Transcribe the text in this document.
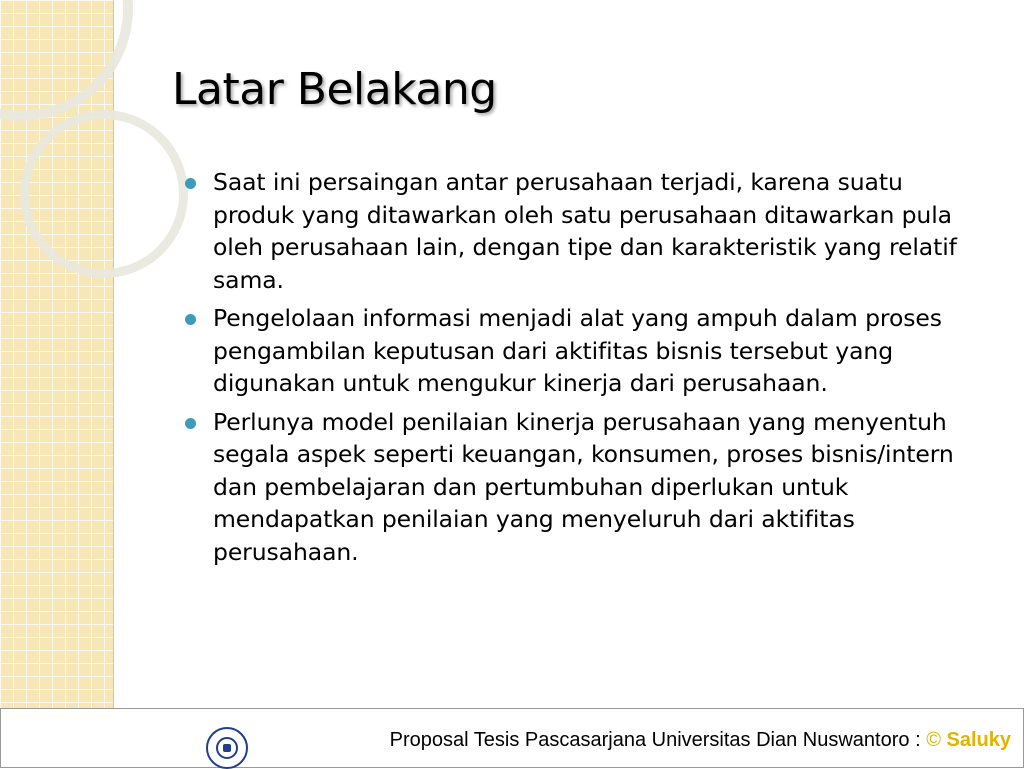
Latar Belakang
Saat ini persaingan antar perusahaan terjadi, karena suatu produk yang ditawarkan oleh satu perusahaan ditawarkan pula oleh perusahaan lain, dengan tipe dan karakteristik yang relatif sama.
Pengelolaan informasi menjadi alat yang ampuh dalam proses pengambilan keputusan dari aktifitas bisnis tersebut yang digunakan untuk mengukur kinerja dari perusahaan.
Perlunya model penilaian kinerja perusahaan yang menyentuh segala aspek seperti keuangan, konsumen, proses bisnis/intern dan pembelajaran dan pertumbuhan diperlukan untuk mendapatkan penilaian yang menyeluruh dari aktifitas perusahaan.
Proposal Tesis Pascasarjana Universitas Dian Nuswantoro : © Saluky
